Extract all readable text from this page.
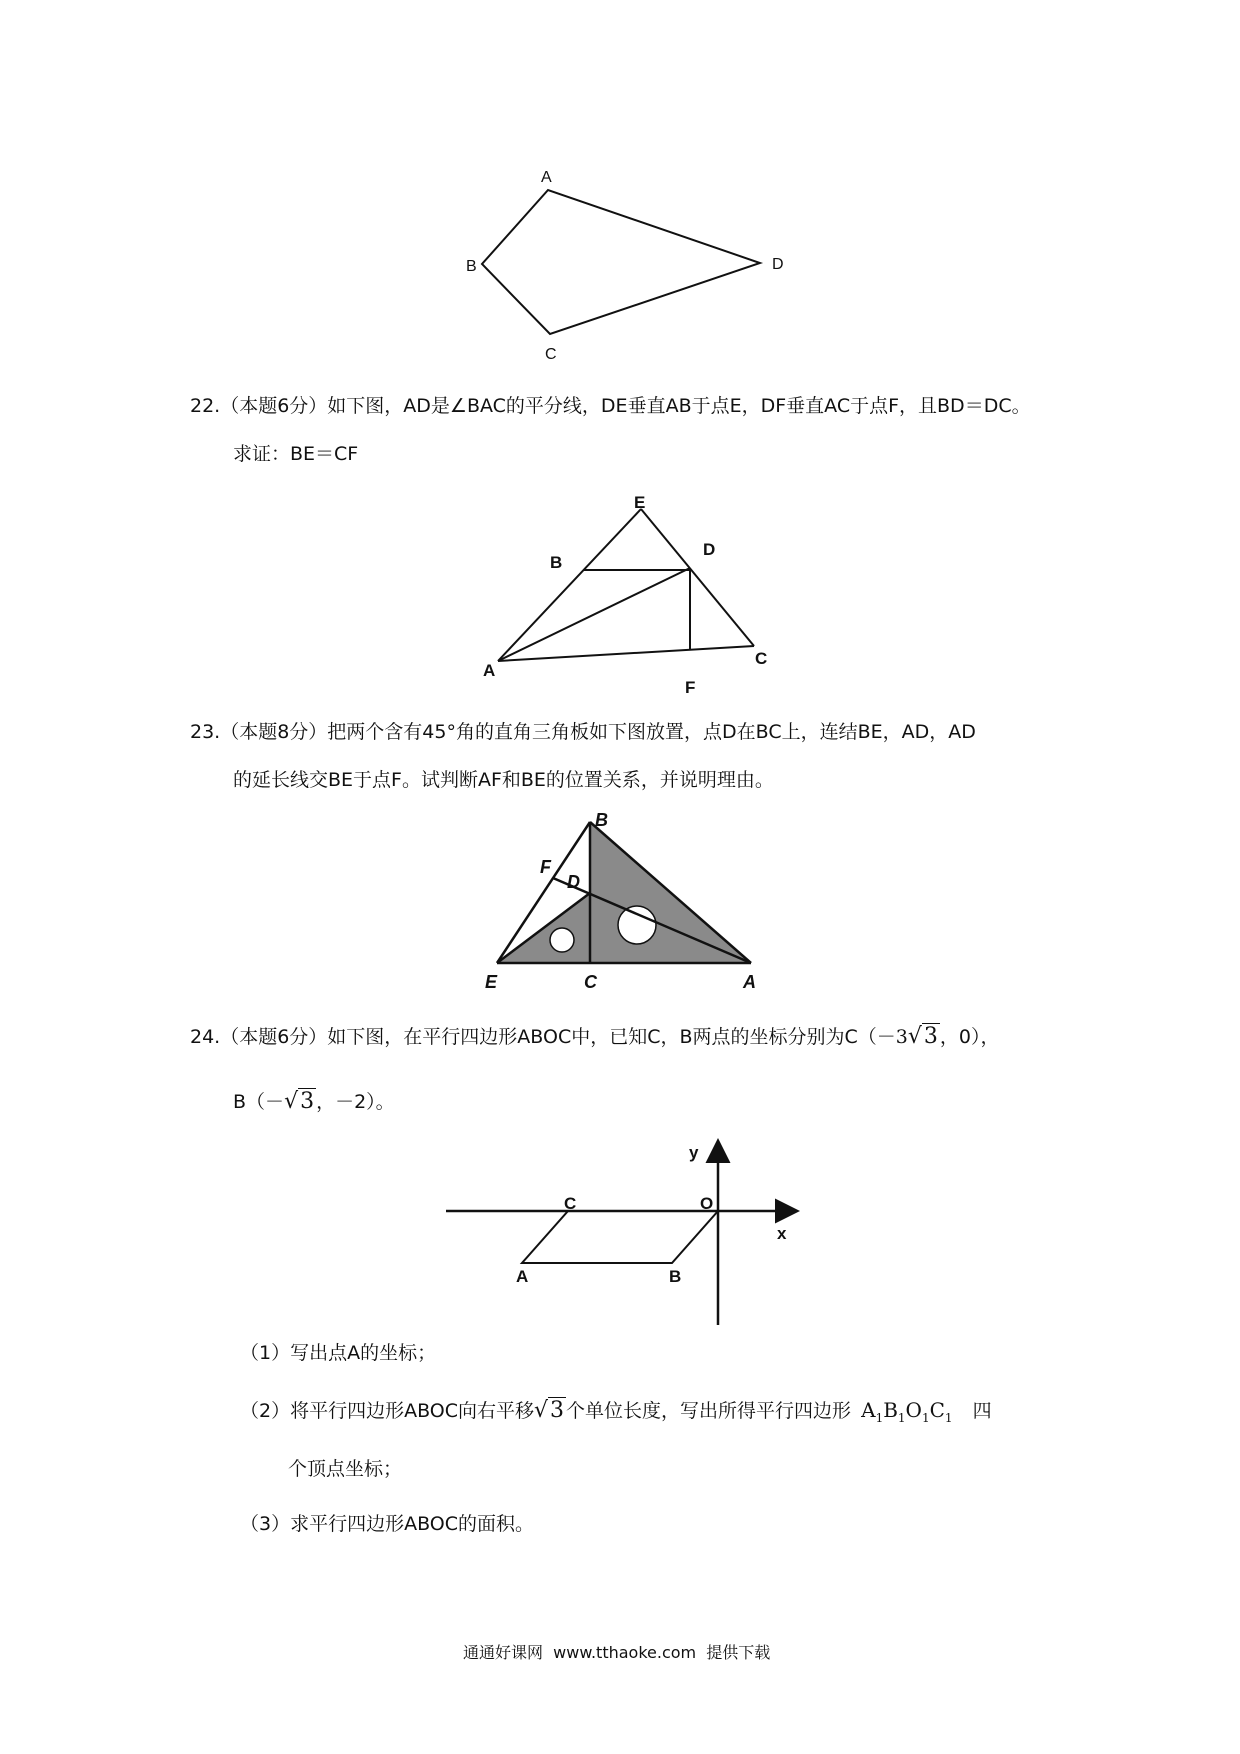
A
B
C
D
22.（本题6分）如下图，AD是∠BAC的平分线，DE垂直AB于点E，DF垂直AC于点F，且BD＝DC。
求证：BE＝CF
E
B
D
A
C
F
23.（本题8分）把两个含有45°角的直角三角板如下图放置，点D在BC上，连结BE，AD，AD
的延长线交BE于点F。试判断AF和BE的位置关系，并说明理由。
B
F
D
E	C	A
24.（本题6分）如下图，在平行四边形ABOC中，已知C，B两点的坐标分别为C（－3√3 ，0），
B（－√3 ，－2）。
y
x
C	O
A	B
（1）写出点A的坐标；
（2）将平行四边形ABOC向右平移√3 个单位长度，写出所得平行四边形 $A_1B_1O_1C_1$ 四
个顶点坐标；
（3）求平行四边形ABOC的面积。
通通好课网  www.tthaoke.com  提供下载
